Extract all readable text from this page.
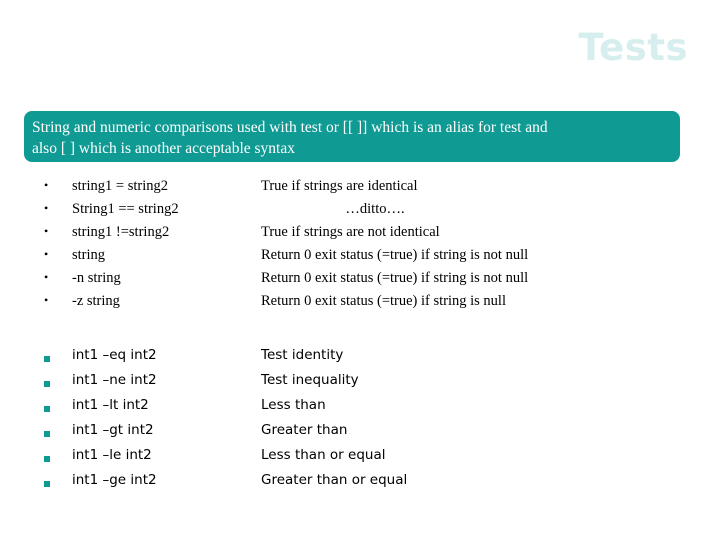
Tests
String and numeric comparisons used with test or [[ ]] which is an alias for test and
also [ ] which is another acceptable syntax
• string1 = string2	True if strings are identical
• String1 == string2	…ditto….
• string1 !=string2	True if strings are not identical
• string	Return 0 exit status (=true) if string is not null
• -n string	Return 0 exit status (=true) if string is not null
• -z string	Return 0 exit status (=true) if string is null
int1 –eq int2	Test identity
int1 –ne int2	Test inequality
int1 –lt int2	Less than
int1 –gt int2	Greater than
int1 –le int2	Less than or equal
int1 –ge int2	Greater than or equal
